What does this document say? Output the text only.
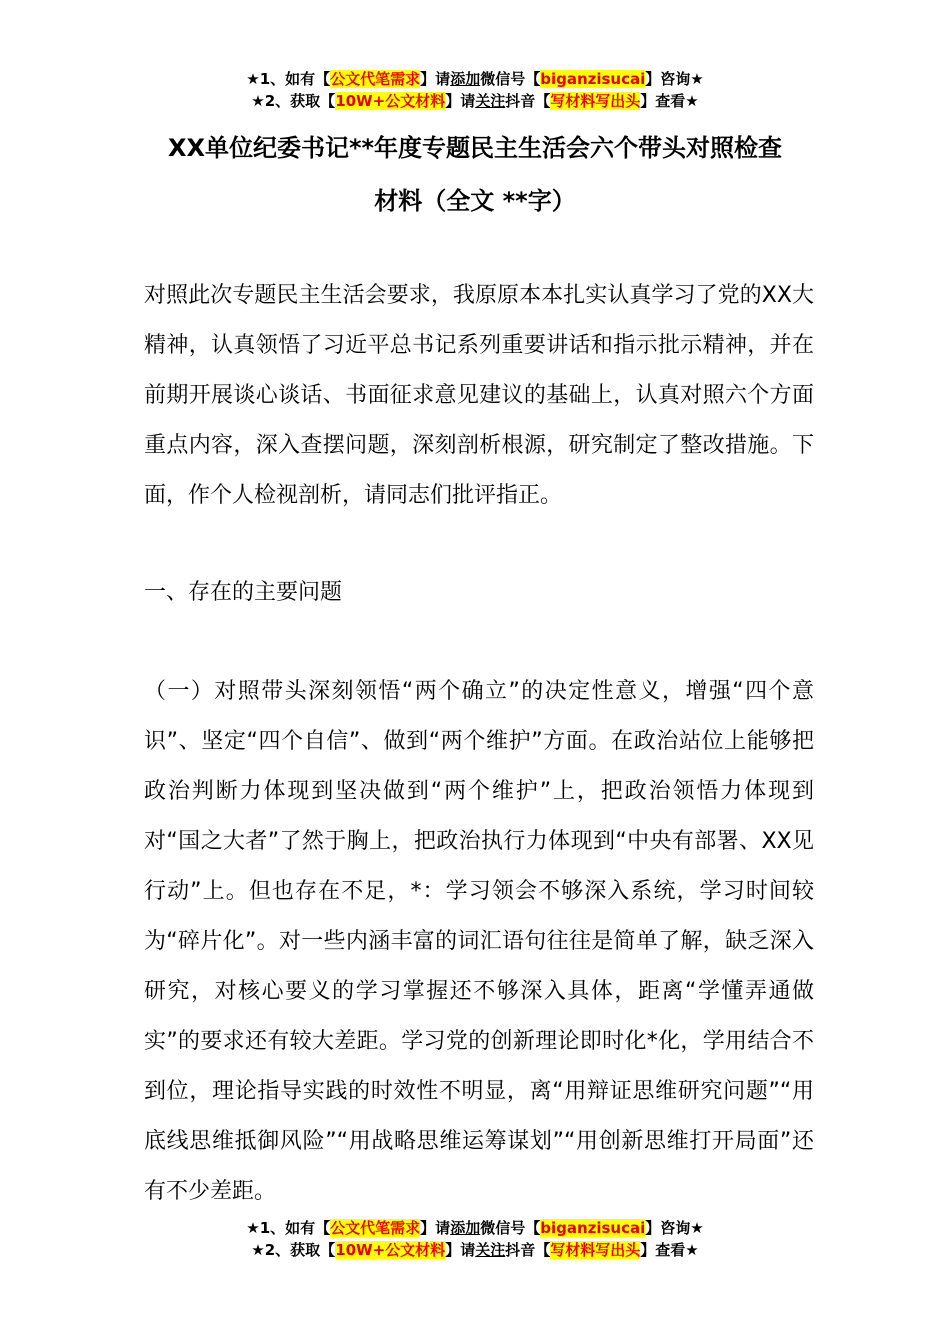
★1、如有【公文代笔需求】请添加微信号【biganzisucai】咨询★
★2、获取【10W+公文材料】请关注抖音【写材料写出头】查看★
XX单位纪委书记**年度专题民主生活会六个带头对照检查
材料（全文 **字）
对照此次专题民主生活会要求，我原原本本扎实认真学习了党的XX大精神，认真领悟了习近平总书记系列重要讲话和指示批示精神，并在前期开展谈心谈话、书面征求意见建议的基础上，认真对照六个方面重点内容，深入查摆问题，深刻剖析根源，研究制定了整改措施。下面，作个人检视剖析，请同志们批评指正。
一、存在的主要问题
（一）对照带头深刻领悟“两个确立”的决定性意义，增强“四个意识”、坚定“四个自信”、做到“两个维护”方面。在政治站位上能够把政治判断力体现到坚决做到“两个维护”上，把政治领悟力体现到对“国之大者”了然于胸上，把政治执行力体现到“中央有部署、XX见行动”上。但也存在不足，*：学习领会不够深入系统，学习时间较为“碎片化”。对一些内涵丰富的词汇语句往往是简单了解，缺乏深入研究，对核心要义的学习掌握还不够深入具体，距离“学懂弄通做实”的要求还有较大差距。学习党的创新理论即时化*化，学用结合不到位，理论指导实践的时效性不明显，离“用辩证思维研究问题”“用底线思维抵御风险”“用战略思维运筹谋划”“用创新思维打开局面”还有不少差距。
★1、如有【公文代笔需求】请添加微信号【biganzisucai】咨询★
★2、获取【10W+公文材料】请关注抖音【写材料写出头】查看★
